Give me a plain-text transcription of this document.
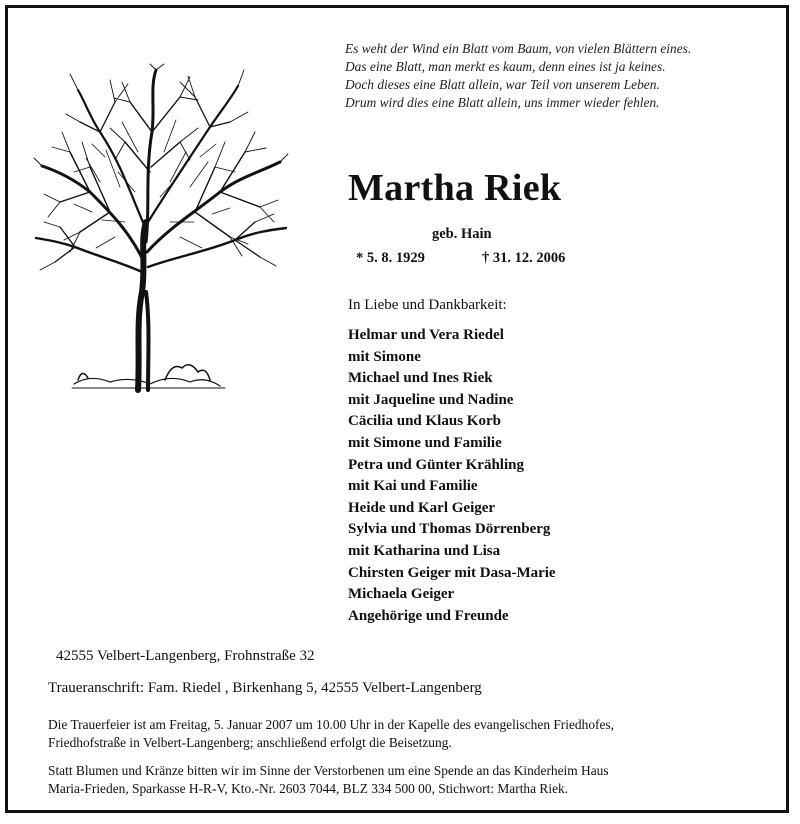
Es weht der Wind ein Blatt vom Baum, von vielen Blättern eines.
Das eine Blatt, man merkt es kaum, denn eines ist ja keines.
Doch dieses eine Blatt allein, war Teil von unserem Leben.
Drum wird dies eine Blatt allein, uns immer wieder fehlen.
Martha Riek
geb. Hain
* 5. 8. 1929	† 31. 12. 2006
In Liebe und Dankbarkeit:
Helmar und Vera Riedel
mit Simone
Michael und Ines Riek
mit Jaqueline und Nadine
Cäcilia und Klaus Korb
mit Simone und Familie
Petra und Günter Krähling
mit Kai und Familie
Heide und Karl Geiger
Sylvia und Thomas Dörrenberg
mit Katharina und Lisa
Chirsten Geiger mit Dasa-Marie
Michaela Geiger
Angehörige und Freunde
42555 Velbert-Langenberg, Frohnstraße 32
Traueranschrift: Fam. Riedel , Birkenhang 5, 42555 Velbert-Langenberg
Die Trauerfeier ist am Freitag, 5. Januar 2007 um 10.00 Uhr in der Kapelle des evangelischen Friedhofes,
Friedhofstraße in Velbert-Langenberg; anschließend erfolgt die Beisetzung.
Statt Blumen und Kränze bitten wir im Sinne der Verstorbenen um eine Spende an das Kinderheim Haus
Maria-Frieden, Sparkasse H-R-V, Kto.-Nr. 2603 7044, BLZ 334 500 00, Stichwort: Martha Riek.
